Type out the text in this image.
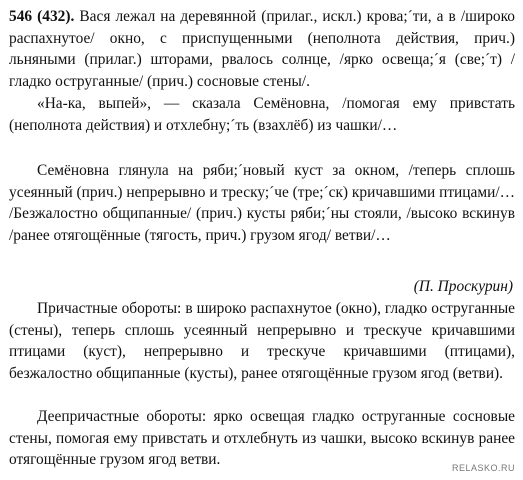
546 (432). Вася лежал на деревянной (прилаг., искл.) крова;´ти, а в /широко распахнутое/ окно, с приспущенными (неполнота действия, прич.) льняными (прилаг.) шторами, рвалось солнце, /ярко освеща;´я (све;´т) /гладко оструганные/ (прич.) сосновые стены/.
«На-ка, выпей», — сказала Семёновна, /помогая ему привстать (неполнота действия) и отхлебну;´ть (взахлёб) из чашки/…
Семёновна глянула на ряби;´новый куст за окном, /теперь сплошь усеянный (прич.) непрерывно и треску;´че (тре;´ск) кричавшими птицами/… /Безжалостно общипанные/ (прич.) кусты ряби;´ны стояли, /высоко вскинув /ранее отягощённые (тягость, прич.) грузом ягод/ ветви/…
(П. Проскурин)
Причастные обороты: в широко распахнутое (окно), гладко оструганные (стены), теперь сплошь усеянный непрерывно и трескуче кричавшими птицами (куст), непрерывно и трескуче кричавшими (птицами), безжалостно общипанные (кусты), ранее отягощённые грузом ягод (ветви).
Деепричастные обороты: ярко освещая гладко оструганные сосновые стены, помогая ему привстать и отхлебнуть из чашки, высоко вскинув ранее отягощённые грузом ягод ветви.	RELASKO.RU
